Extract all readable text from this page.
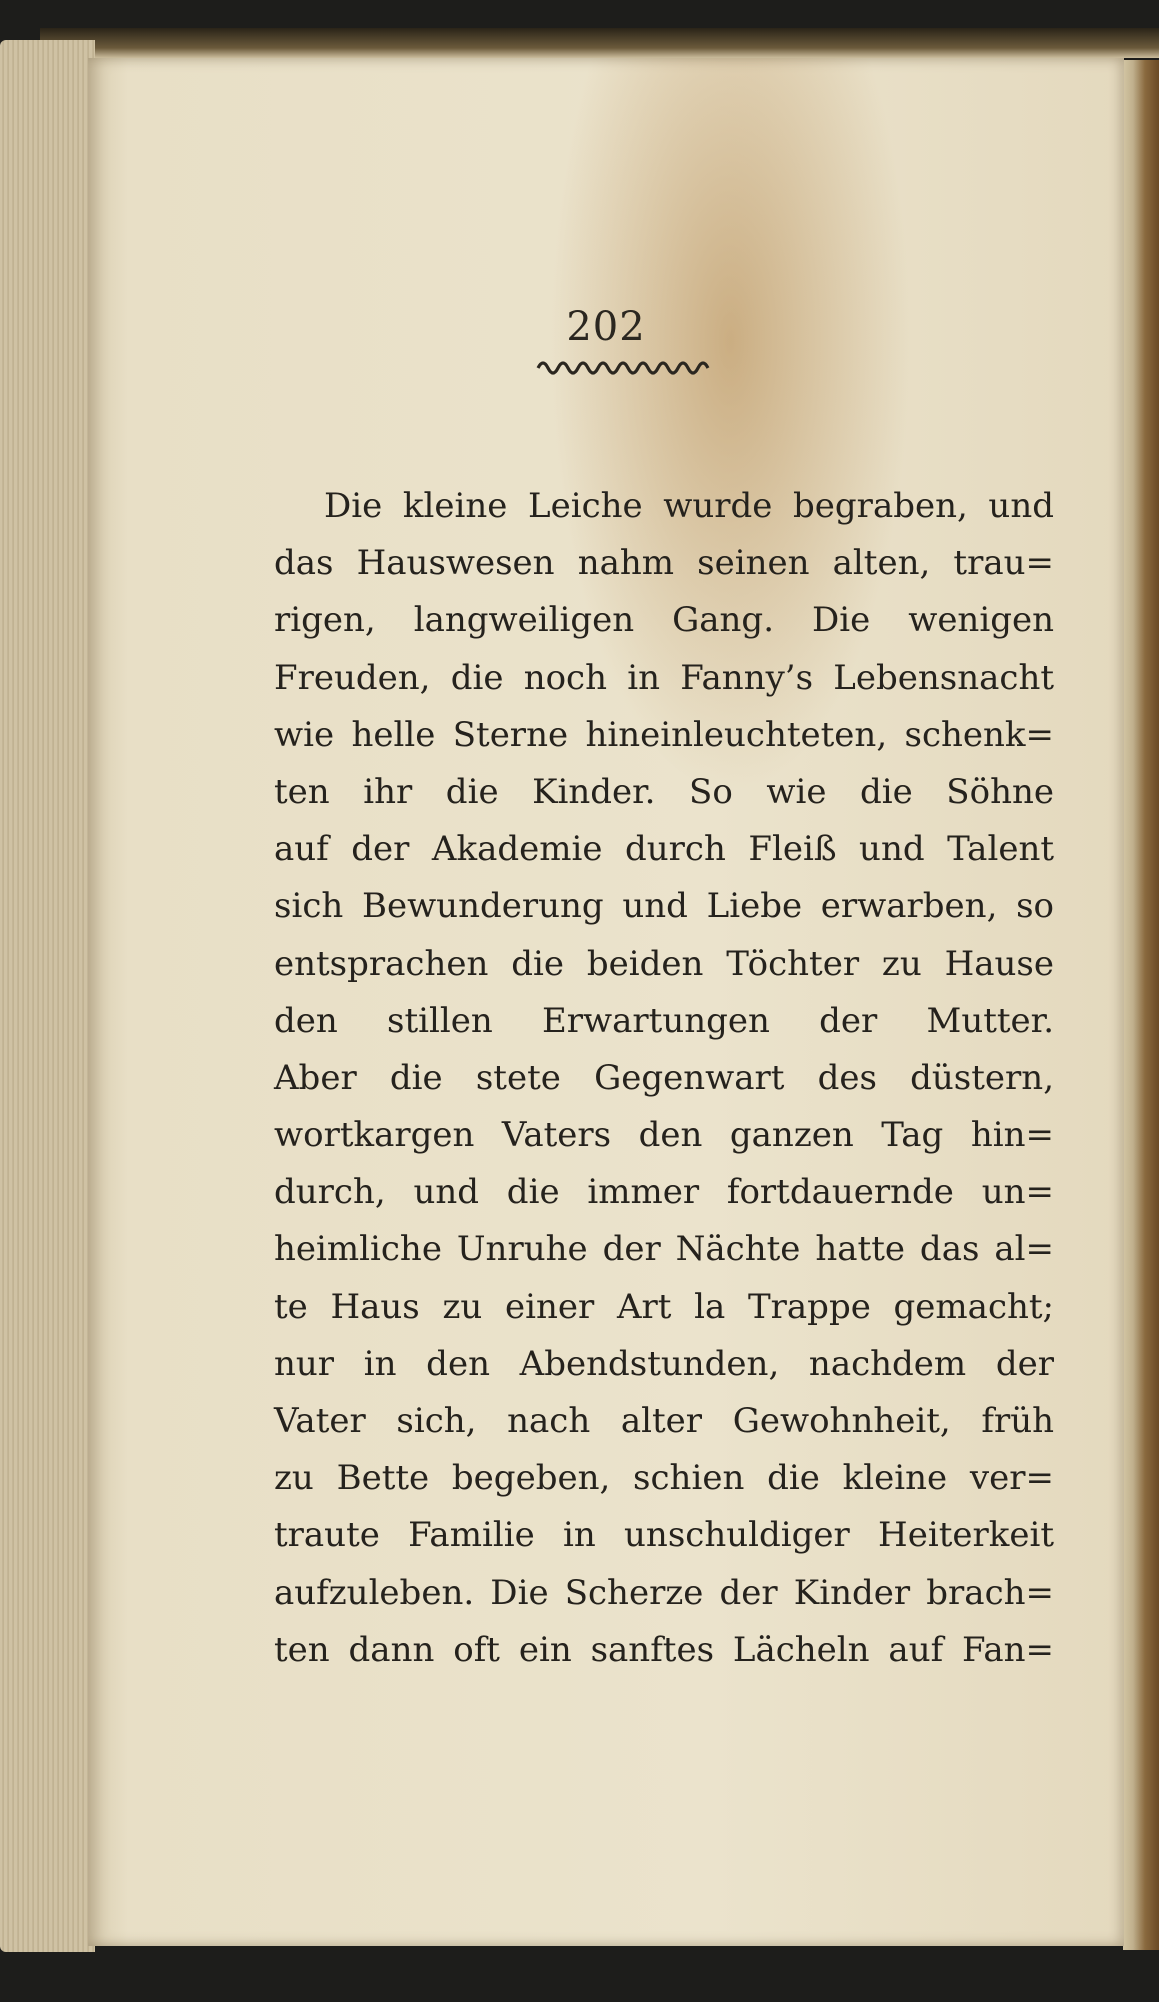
202
Die kleine Leiche wurde begraben, und
das Hauswesen nahm seinen alten, trau=
rigen, langweiligen Gang. Die wenigen
Freuden, die noch in Fanny’s Lebensnacht
wie helle Sterne hineinleuchteten, schenk=
ten ihr die Kinder. So wie die Söhne
auf der Akademie durch Fleiß und Talent
sich Bewunderung und Liebe erwarben, so
entsprachen die beiden Töchter zu Hause
den stillen Erwartungen der Mutter.
Aber die stete Gegenwart des düstern,
wortkargen Vaters den ganzen Tag hin=
durch, und die immer fortdauernde un=
heimliche Unruhe der Nächte hatte das al=
te Haus zu einer Art la Trappe gemacht;
nur in den Abendstunden, nachdem der
Vater sich, nach alter Gewohnheit, früh
zu Bette begeben, schien die kleine ver=
traute Familie in unschuldiger Heiterkeit
aufzuleben. Die Scherze der Kinder brach=
ten dann oft ein sanftes Lächeln auf Fan=
